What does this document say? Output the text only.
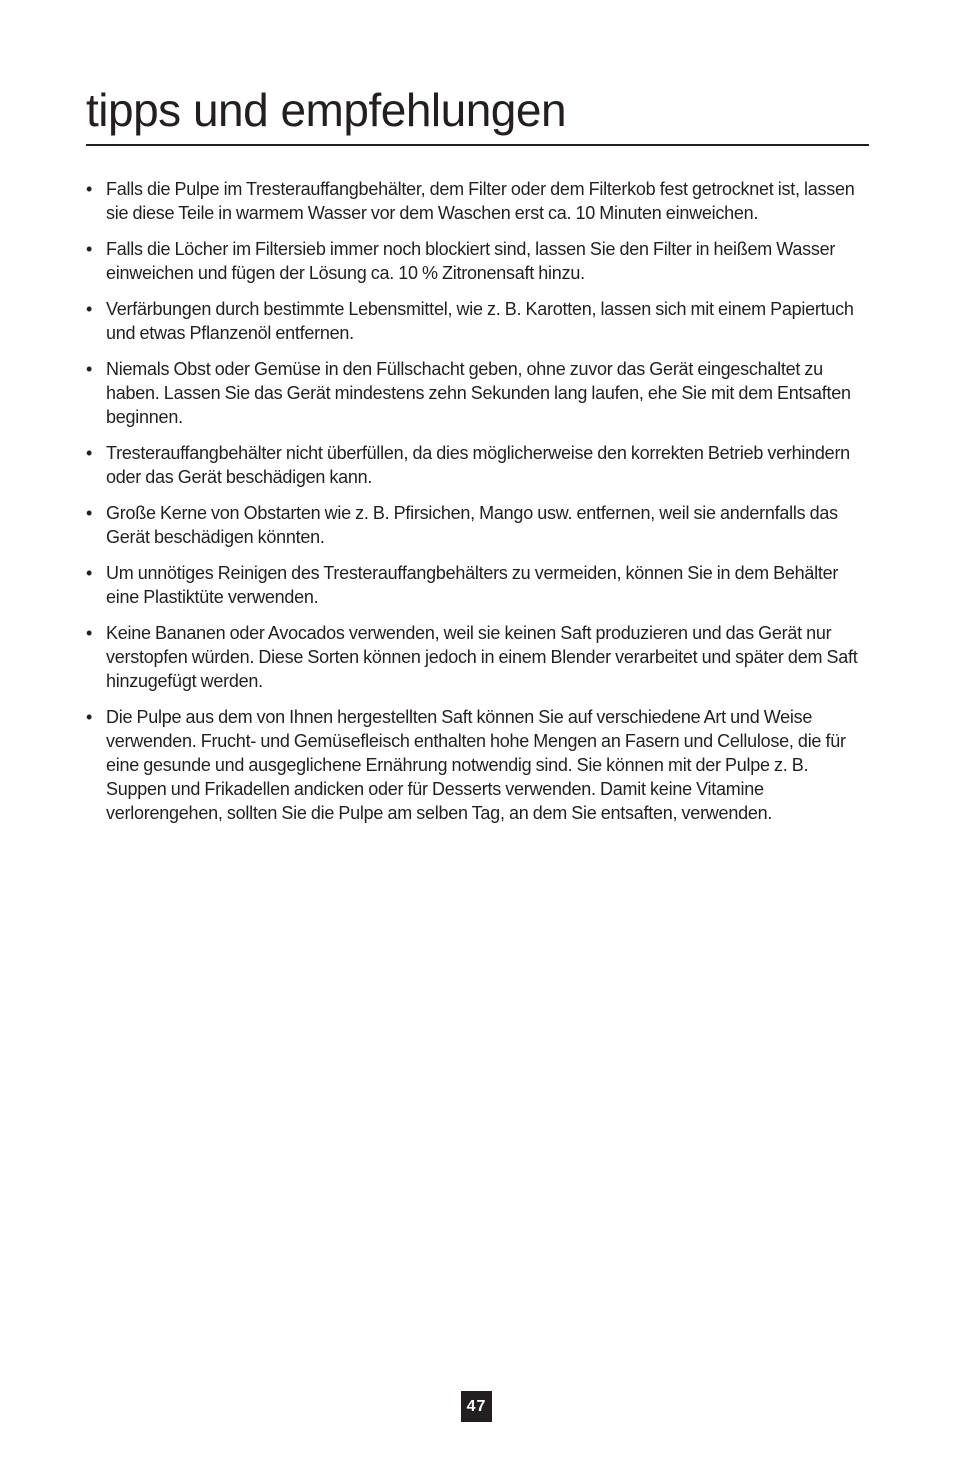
tipps und empfehlungen
• Falls die Pulpe im Tresterauffangbehälter, dem Filter oder dem Filterkob fest getrocknet ist, lassen sie diese Teile in warmem Wasser vor dem Waschen erst ca. 10 Minuten einweichen.
• Falls die Löcher im Filtersieb immer noch blockiert sind, lassen Sie den Filter in heißem Wasser einweichen und fügen der Lösung ca. 10 % Zitronensaft hinzu.
• Verfärbungen durch bestimmte Lebensmittel, wie z. B. Karotten, lassen sich mit einem Papiertuch und etwas Pflanzenöl entfernen.
• Niemals Obst oder Gemüse in den Füllschacht geben, ohne zuvor das Gerät eingeschaltet zu haben. Lassen Sie das Gerät mindestens zehn Sekunden lang laufen, ehe Sie mit dem Entsaften beginnen.
• Tresterauffangbehälter nicht überfüllen, da dies möglicherweise den korrekten Betrieb verhindern oder das Gerät beschädigen kann.
• Große Kerne von Obstarten wie z. B. Pfirsichen, Mango usw. entfernen, weil sie andernfalls das Gerät beschädigen könnten.
• Um unnötiges Reinigen des Tresterauffangbehälters zu vermeiden, können Sie in dem Behälter eine Plastiktüte verwenden.
• Keine Bananen oder Avocados verwenden, weil sie keinen Saft produzieren und das Gerät nur verstopfen würden. Diese Sorten können jedoch in einem Blender verarbeitet und später dem Saft hinzugefügt werden.
• Die Pulpe aus dem von Ihnen hergestellten Saft können Sie auf verschiedene Art und Weise verwenden. Frucht- und Gemüsefleisch enthalten hohe Mengen an Fasern und Cellulose, die für eine gesunde und ausgeglichene Ernährung notwendig sind. Sie können mit der Pulpe z. B. Suppen und Frikadellen andicken oder für Desserts verwenden. Damit keine Vitamine verlorengehen, sollten Sie die Pulpe am selben Tag, an dem Sie entsaften, verwenden.
47
